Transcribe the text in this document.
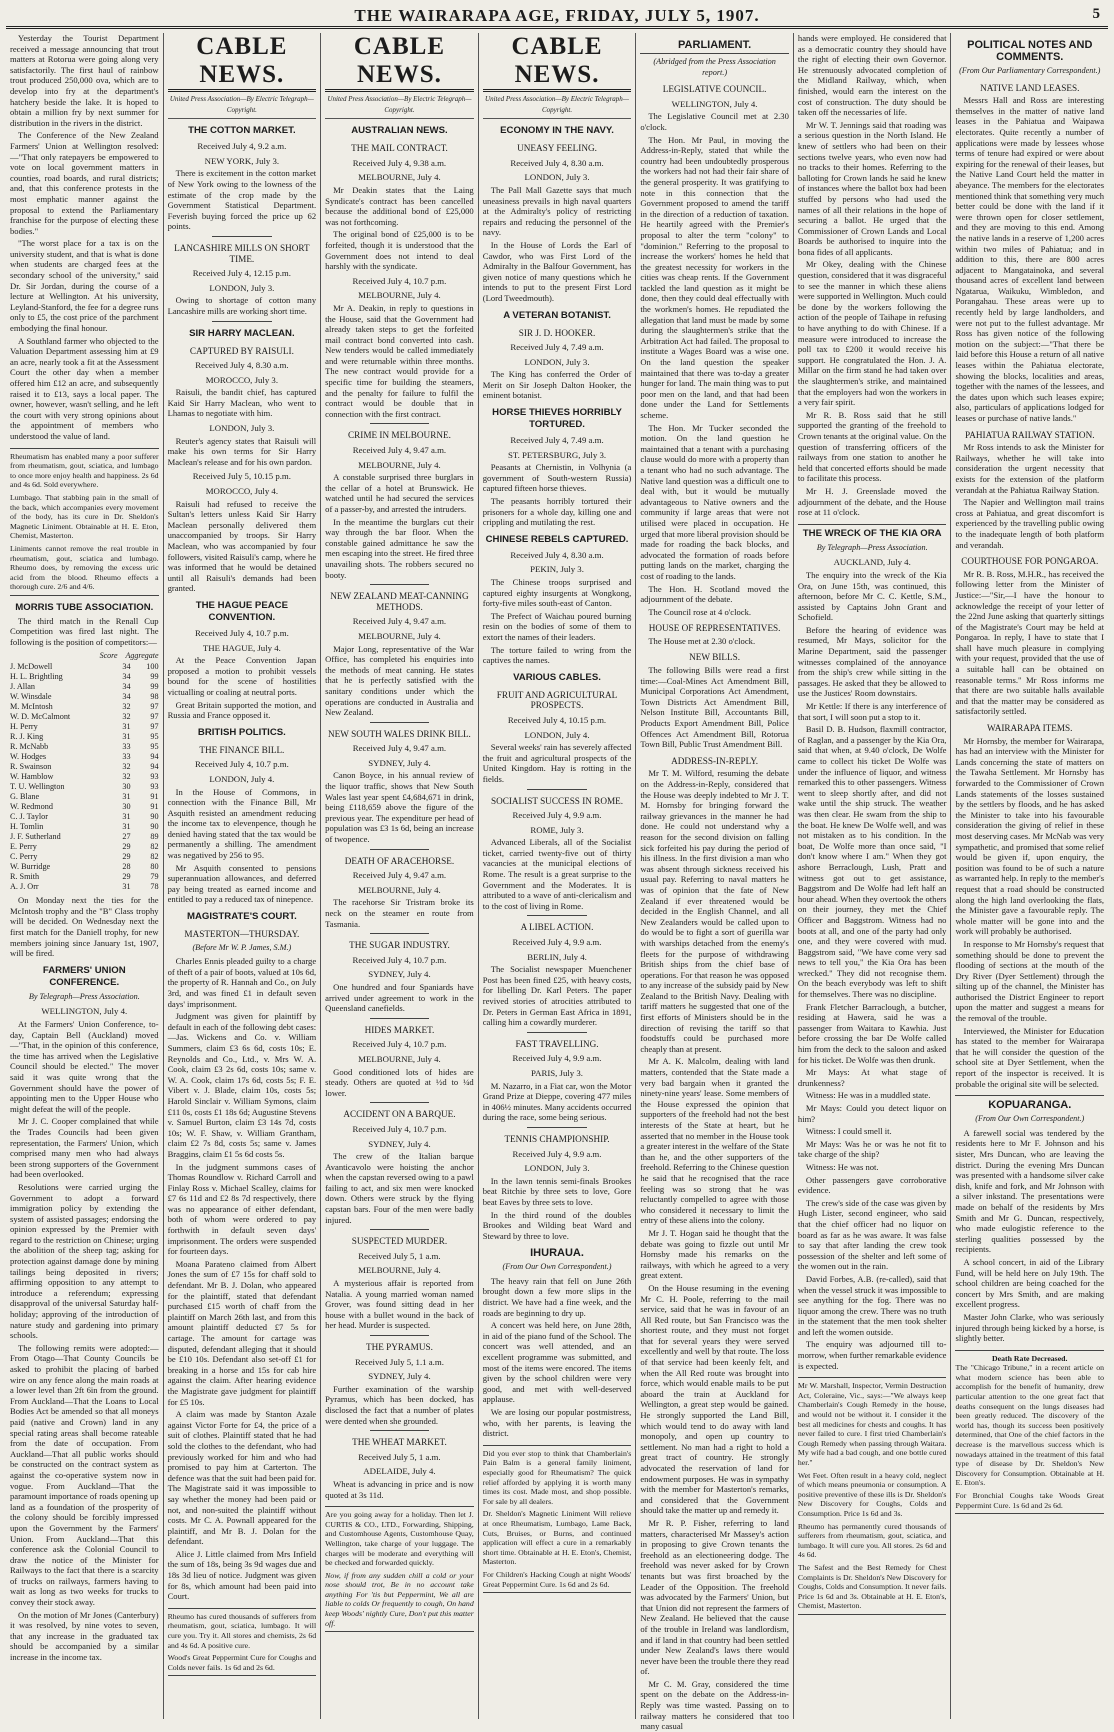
THE WAIRARAPA AGE, FRIDAY, JULY 5, 1907.	5

Yesterday the Tourist Department received a message announcing that trout matters at Rotorua were going along very satisfactorily. The first haul of rainbow trout produced 250,000 ova, which are to develop into fry at the department's hatchery beside the lake. It is hoped to obtain a million fry by next summer for distribution in the rivers in the district.

The Conference of the New Zealand Farmers' Union at Wellington resolved:—"That only ratepayers be empowered to vote on local government matters in counties, road boards, and rural districts; and, that this conference protests in the most emphatic manner against the proposal to extend the Parliamentary franchise for the purpose of electing these bodies."

"The worst place for a tax is on the university student, and that is what is done when students are charged fees at the secondary school of the university," said Dr. Sir Jordan, during the course of a lecture at Wellington. At his university, Leyland-Stanford, the fee for a degree runs only to £5, the cost price of the parchment embodying the final honour.

A Southland farmer who objected to the Valuation Department assessing him at £9 an acre, nearly took a fit at the Assessment Court the other day when a member offered him £12 an acre, and subsequently raised it to £13, says a local paper. The owner, however, wasn't selling, and he left the court with very strong opinions about the appointment of members who understood the value of land.

Rheumatism has enabled many a poor sufferer from rheumatism, gout, sciatica, and lumbago to once more enjoy health and happiness. 2s 6d and 4s 6d. Sold everywhere.
Lumbago. That stabbing pain in the small of the back, which accompanies every movement of the body, has its cure in Dr. Sheldon's Magnetic Liniment. Obtainable at H. E. Eton, Chemist, Masterton.
Liniments cannot remove the real trouble in rheumatism, gout, sciatica and lumbago. Rheumo does, by removing the excess uric acid from the blood. Rheumo effects a thorough cure. 2/6 and 4/6.
MORRIS TUBE ASSOCIATION.

The third match in the Renall Cup Competition was fired last night. The following is the position of competitors:—

Score Aggregate
J. McDowell	34	100
H. L. Brightling	34	99
J. Allan	34	99
W. Winsdale	34	98
M. McIntosh	32	97
W. D. McCalmont	32	97
H. Perry	31	97
R. J. King	31	95
R. McNabb	33	95
W. Hodges	33	94
R. Swainson	32	94
W. Hamblow	32	93
T. U. Wellington	30	93
G. Blane	31	91
W. Redmond	30	91
C. J. Taylor	31	90
H. Tomlin	31	90
J. F. Sutherland	27	89
E. Perry	29	82
C. Perry	29	82
W. Burridge	28	80
R. Smith	29	79
A. J. Orr	31	78

On Monday next the ties for the McIntosh trophy and the "B" Class trophy will be decided. On Wednesday next the first match for the Daniell trophy, for new members joining since January 1st, 1907, will be fired.

FARMERS' UNION CONFERENCE.

By Telegraph—Press Association.

WELLINGTON, July 4.

At the Farmers' Union Conference, to-day, Captain Bell (Auckland) moved—"That, in the opinion of this conference, the time has arrived when the Legislative Council should be elected." The mover said it was quite wrong that the Government should have the power of appointing men to the Upper House who might defeat the will of the people.

Mr J. C. Cooper complained that while the Trades Councils had been given representation, the Farmers' Union, which comprised many men who had always been strong supporters of the Government had been overlooked.

Resolutions were carried urging the Government to adopt a forward immigration policy by extending the system of assisted passages; endorsing the opinion expressed by the Premier with regard to the restriction on Chinese; urging the abolition of the sheep tag; asking for protection against damage done by mining tailings being deposited in rivers; affirming opposition to any attempt to introduce a referendum; expressing disapproval of the universal Saturday half-holiday; approving of the introduction of nature study and gardening into primary schools.

The following remits were adopted:—From Otago—That County Councils be asked to prohibit the placing of barbed wire on any fence along the main roads at a lower level than 2ft 6in from the ground. From Auckland—That the Loans to Local Bodies Act be amended so that all moneys paid (native and Crown) land in any special rating areas shall become rateable from the date of occupation. From Auckland—That all public works should be constructed on the contract system as against the co-operative system now in vogue. From Auckland—That the paramount importance of roads opening up land as a foundation of the prosperity of the colony should be forcibly impressed upon the Government by the Farmers' Union. From Auckland—That this conference ask the Colonial Council to draw the notice of the Minister for Railways to the fact that there is a scarcity of trucks on railways, farmers having to wait as long as two weeks for trucks to convey their stock away.

On the motion of Mr Jones (Canterbury) it was resolved, by nine votes to seven, that any increase in the graduated tax should be accompanied by a similar increase in the income tax.

CABLE NEWS.
United Press Association—By Electric Telegraph—Copyright.
THE COTTON MARKET.

Received July 4, 9.2 a.m.

NEW YORK, July 3.

There is excitement in the cotton market of New York owing to the lowness of the estimate of the crop made by the Government Statistical Department. Feverish buying forced the price up 62 points.

LANCASHIRE MILLS ON SHORT TIME.

Received July 4, 12.15 p.m.

LONDON, July 3.

Owing to shortage of cotton many Lancashire mills are working short time.

SIR HARRY MACLEAN.
CAPTURED BY RAISULI.

Received July 4, 8.30 a.m.

MOROCCO, July 3.

Raisuli, the bandit chief, has captured Kaid Sir Harry Maclean, who went to Lhamas to negotiate with him.

LONDON, July 3.

Reuter's agency states that Raisuli will make his own terms for Sir Harry Maclean's release and for his own pardon.

Received July 5, 10.15 p.m.

MOROCCO, July 4.

Raisuli had refused to receive the Sultan's letters unless Kaid Sir Harry Maclean personally delivered them unaccompanied by troops. Sir Harry Maclean, who was accompanied by four followers, visited Raisuli's camp, where he was informed that he would be detained until all Raisuli's demands had been granted.

THE HAGUE PEACE CONVENTION.

Received July 4, 10.7 p.m.

THE HAGUE, July 4.

At the Peace Convention Japan proposed a motion to prohibit vessels bound for the scene of hostilities victualling or coaling at neutral ports.

Great Britain supported the motion, and Russia and France opposed it.

BRITISH POLITICS.
THE FINANCE BILL.

Received July 4, 10.7 p.m.

LONDON, July 4.

In the House of Commons, in connection with the Finance Bill, Mr Asquith resisted an amendment reducing the income tax to elevenpence, though he denied having stated that the tax would be permanently a shilling. The amendment was negatived by 256 to 95.

Mr Asquith consented to pensions superannuation allowances, and deferred pay being treated as earned income and entitled to pay a reduced tax of ninepence.

MAGISTRATE'S COURT.
MASTERTON—THURSDAY.

(Before Mr W. P. James, S.M.)

Charles Ennis pleaded guilty to a charge of theft of a pair of boots, valued at 10s 6d, the property of R. Hannah and Co., on July 3rd, and was fined £1 in default seven days' imprisonment.

Judgment was given for plaintiff by default in each of the following debt cases:—Jas. Wickens and Co. v. William Summers, claim £3 6s 6d, costs 10s; E. Reynolds and Co., Ltd., v. Mrs W. A. Cook, claim £3 2s 6d, costs 10s; same v. W. A. Cook, claim 17s 6d, costs 5s; F. E. Vibert v. J. Blade, claim 10s, costs 5s; Harold Sinclair v. William Symons, claim £11 0s, costs £1 18s 6d; Augustine Stevens v. Samuel Burton, claim £3 14s 7d, costs 10s; W. F. Shaw, v. William Grantham, claim £2 7s 8d, costs 5s; same v. James Braggins, claim £1 5s 6d costs 5s.

In the judgment summons cases of Thomas Roundlow v. Richard Carroll and Finlay Ross v. Michael Scalley, claims for £7 6s 11d and £2 8s 7d respectively, there was no appearance of either defendant, both of whom were ordered to pay forthwith in default seven days' imprisonment. The orders were suspended for fourteen days.

Moana Parateno claimed from Albert Jones the sum of £7 15s for chaff sold to defendant. Mr B. J. Dolan, who appeared for the plaintiff, stated that defendant purchased £15 worth of chaff from the plaintiff on March 26th last, and from this amount plaintiff deducted £7 5s for cartage. The amount for cartage was disputed, defendant alleging that it should be £10 10s. Defendant also set-off £1 for breaking in a horse and 15s for cab hire against the claim. After hearing evidence the Magistrate gave judgment for plaintiff for £5 10s.

A claim was made by Stanton Azale against Victor Forte for £4, the price of a suit of clothes. Plaintiff stated that he had sold the clothes to the defendant, who had previously worked for him and who had promised to pay him at Carterton. The defence was that the suit had been paid for. The Magistrate said it was impossible to say whether the money had been paid or not, and non-suited the plaintiff without costs. Mr C. A. Pownall appeared for the plaintiff, and Mr B. J. Dolan for the defendant.

Alice J. Little claimed from Mrs Infield the sum of 18s, being 3s 9d wages due and 18s 3d lieu of notice. Judgment was given for 8s, which amount had been paid into Court.

Rheumo has cured thousands of sufferers from rheumatism, gout, sciatica, lumbago. It will cure you. Try it. All stores and chemists, 2s 6d and 4s 6d. A positive cure.
Wood's Great Peppermint Cure for Coughs and Colds never fails. 1s 6d and 2s 6d.
CABLE NEWS.
United Press Association—By Electric Telegraph—Copyright.
AUSTRALIAN NEWS.
THE MAIL CONTRACT.

Received July 4, 9.38 a.m.

MELBOURNE, July 4.

Mr Deakin states that the Laing Syndicate's contract has been cancelled because the additional bond of £25,000 was not forthcoming.

The original bond of £25,000 is to be forfeited, though it is understood that the Government does not intend to deal harshly with the syndicate.

Received July 4, 10.7 p.m.

MELBOURNE, July 4.

Mr A. Deakin, in reply to questions in the House, said that the Government had already taken steps to get the forfeited mail contract bond converted into cash. New tenders would be called immediately and were returnable within three months. The new contract would provide for a specific time for building the steamers, and the penalty for failure to fulfil the contract would be double that in connection with the first contract.

CRIME IN MELBOURNE.

Received July 4, 9.47 a.m.

MELBOURNE, July 4.

A constable surprised three burglars in the cellar of a hotel at Brunswick. He watched until he had secured the services of a passer-by, and arrested the intruders.

In the meantime the burglars cut their way through the bar floor. When the constable gained admittance he saw the men escaping into the street. He fired three unavailing shots. The robbers secured no booty.

NEW ZEALAND MEAT-CANNING METHODS.

Received July 4, 9.47 a.m.

MELBOURNE, July 4.

Major Long, representative of the War Office, has completed his enquiries into the methods of meat canning. He states that he is perfectly satisfied with the sanitary conditions under which the operations are conducted in Australia and New Zealand.

NEW SOUTH WALES DRINK BILL.

Received July 4, 9.47 a.m.

SYDNEY, July 4.

Canon Boyce, in his annual review of the liquor traffic, shows that New South Wales last year spent £4,684,671 in drink, being £118,659 above the figure of the previous year. The expenditure per head of population was £3 1s 6d, being an increase of twopence.

DEATH OF ARACEHORSE.

Received July 4, 9.47 a.m.

MELBOURNE, July 4.

The racehorse Sir Tristram broke its neck on the steamer en route from Tasmania.

THE SUGAR INDUSTRY.

Received July 4, 10.7 p.m.

SYDNEY, July 4.

One hundred and four Spaniards have arrived under agreement to work in the Queensland canefields.

HIDES MARKET.

Received July 4, 10.7 p.m.

MELBOURNE, July 4.

Good conditioned lots of hides are steady. Others are quoted at ½d to ¼d lower.

ACCIDENT ON A BARQUE.

Received July 4, 10.7 p.m.

SYDNEY, July 4.

The crew of the Italian barque Avanticavolo were hoisting the anchor when the capstan reversed owing to a pawl failing to act, and six men were knocked down. Others were struck by the flying capstan bars. Four of the men were badly injured.

SUSPECTED MURDER.

Received July 5, 1 a.m.

MELBOURNE, July 4.

A mysterious affair is reported from Natalia. A young married woman named Grover, was found sitting dead in her house with a bullet wound in the back of her head. Murder is suspected.

THE PYRAMUS.

Received July 5, 1.1 a.m.

SYDNEY, July 4.

Further examination of the warship Pyramus, which has been docked, has disclosed the fact that a number of plates were dented when she grounded.

THE WHEAT MARKET.

Received July 5, 1 a.m.

ADELAIDE, July 4.

Wheat is advancing in price and is now quoted at 3s 11d.

Are you going away for a holiday. Then let J. CURTIS & CO., LTD., Forwarding, Shipping, and Customhouse Agents, Customhouse Quay, Wellington, take charge of your luggage. The charges will be moderate and everything will be checked and forwarded quickly.
Now, if from any sudden chill a cold or your nose should trot, Be in no account take anything For 'tis but Peppermint, We all are liable to colds Or frequently to cough, On hand keep Woods' nightly Cure, Don't put this matter off.
CABLE NEWS.
United Press Association—By Electric Telegraph—Copyright.
ECONOMY IN THE NAVY.
UNEASY FEELING.

Received July 4, 8.30 a.m.

LONDON, July 3.

The Pall Mall Gazette says that much uneasiness prevails in high naval quarters at the Admiralty's policy of restricting repairs and reducing the personnel of the navy.

In the House of Lords the Earl of Cawdor, who was First Lord of the Admiralty in the Balfour Government, has given notice of many questions which he intends to put to the present First Lord (Lord Tweedmouth).

A VETERAN BOTANIST.
SIR J. D. HOOKER.

Received July 4, 7.49 a.m.

LONDON, July 3.

The King has conferred the Order of Merit on Sir Joseph Dalton Hooker, the eminent botanist.

HORSE THIEVES HORRIBLY TORTURED.

Received July 4, 7.49 a.m.

ST. PETERSBURG, July 3.

Peasants at Chernistin, in Volhynia (a government of South-western Russia) captured fifteen horse thieves.

The peasants horribly tortured their prisoners for a whole day, killing one and crippling and mutilating the rest.

CHINESE REBELS CAPTURED.

Received July 4, 8.30 a.m.

PEKIN, July 3.

The Chinese troops surprised and captured eighty insurgents at Wongkong, forty-five miles south-east of Canton.

The Prefect of Waichau poured burning resin on the bodies of some of them to extort the names of their leaders.

The torture failed to wring from the captives the names.

VARIOUS CABLES.
FRUIT AND AGRICULTURAL PROSPECTS.

Received July 4, 10.15 p.m.

LONDON, July 4.

Several weeks' rain has severely affected the fruit and agricultural prospects of the United Kingdom. Hay is rotting in the fields.

SOCIALIST SUCCESS IN ROME.

Received July 4, 9.9 a.m.

ROME, July 3.

Advanced Liberals, all of the Socialist ticket, carried twenty-five out of thirty vacancies at the municipal elections of Rome. The result is a great surprise to the Government and the Moderates. It is attributed to a wave of anti-clericalism and to the cost of living in Rome.

A LIBEL ACTION.

Received July 4, 9.9 a.m.

BERLIN, July 4.

The Socialist newspaper Muenchener Post has been fined £25, with heavy costs, for libelling Dr. Karl Peters. The paper revived stories of atrocities attributed to Dr. Peters in German East Africa in 1891, calling him a cowardly murderer.

FAST TRAVELLING.

Received July 4, 9.9 a.m.

PARIS, July 3.

M. Nazarro, in a Fiat car, won the Motor Grand Prize at Dieppe, covering 477 miles in 406½ minutes. Many accidents occurred during the race, some being serious.

TENNIS CHAMPIONSHIP.

Received July 4, 9.9 a.m.

LONDON, July 3.

In the lawn tennis semi-finals Brookes beat Ritchie by three sets to love, Gore beat Eaves by three sets to love.

In the third round of the doubles Brookes and Wilding beat Ward and Steward by three to love.

IHURAUA.

(From Our Own Correspondent.)

The heavy rain that fell on June 26th brought down a few more slips in the district. We have had a fine week, and the roads are beginning to dry up.

A concert was held here, on June 28th, in aid of the piano fund of the School. The concert was well attended, and an excellent programme was submitted, and most of the items were encored. The items given by the school children were very good, and met with well-deserved applause.

We are losing our popular postmistress, who, with her parents, is leaving the district.

Did you ever stop to think that Chamberlain's Pain Balm is a general family liniment, especially good for Rheumatism? The quick relief afforded by applying it is worth many times its cost. Made most, and shop possible. For sale by all dealers.
Dr. Sheldon's Magnetic Liniment Will relieve at once Rheumatism, Lumbago, Lame Back, Cuts, Bruises, or Burns, and continued application will effect a cure in a remarkably short time. Obtainable at H. E. Eton's, Chemist, Masterton.
For Children's Hacking Cough at night Woods' Great Peppermint Cure. 1s 6d and 2s 6d.
PARLIAMENT.

(Abridged from the Press Association report.)

LEGISLATIVE COUNCIL.

WELLINGTON, July 4.

The Legislative Council met at 2.30 o'clock.

The Hon. Mr Paul, in moving the Address-in-Reply, stated that while the country had been undoubtedly prosperous the workers had not had their fair share of the general prosperity. It was gratifying to note in this connection that the Government proposed to amend the tariff in the direction of a reduction of taxation. He heartily agreed with the Premier's proposal to alter the term "colony" to "dominion." Referring to the proposal to increase the workers' homes he held that the greatest necessity for workers in the cities was cheap rents. If the Government tackled the land question as it might be done, then they could deal effectually with the workmen's homes. He repudiated the allegation that land must be made by some during the slaughtermen's strike that the Arbitration Act had failed. The proposal to institute a Wages Board was a wise one. On the land question the speaker maintained that there was to-day a greater hunger for land. The main thing was to put poor men on the land, and that had been done under the Land for Settlements scheme.

The Hon. Mr Tucker seconded the motion. On the land question he maintained that a tenant with a purchasing clause would do more with a property than a tenant who had no such advantage. The Native land question was a difficult one to deal with, but it would be mutually advantageous to Native owners and the community if large areas that were not utilised were placed in occupation. He urged that more liberal provision should be made for roading the back blocks, and advocated the formation of roads before putting lands on the market, charging the cost of roading to the lands.

The Hon. H. Scotland moved the adjournment of the debate.

The Council rose at 4 o'clock.

HOUSE OF REPRESENTATIVES.

The House met at 2.30 o'clock.

NEW BILLS.

The following Bills were read a first time:—Coal-Mines Act Amendment Bill, Municipal Corporations Act Amendment, Town Districts Act Amendment Bill, Nelson Institute Bill, Accountants Bill, Products Export Amendment Bill, Police Offences Act Amendment Bill, Rotorua Town Bill, Public Trust Amendment Bill.

ADDRESS-IN-REPLY.

Mr T. M. Wilford, resuming the debate on the Address-in-Reply, considered that the House was deeply indebted to Mr J. T. M. Hornsby for bringing forward the railway grievances in the manner he had done. He could not understand why a reason for the second division on falling sick forfeited his pay during the period of his illness. In the first division a man who was absent through sickness received his usual pay. Referring to naval matters he was of opinion that the fate of New Zealand if ever threatened would be decided in the English Channel, and all New Zealanders would be called upon to do would be to fight a sort of guerilla war with warships detached from the enemy's fleets for the purpose of withdrawing British ships from the chief base of operations. For that reason he was opposed to any increase of the subsidy paid by New Zealand to the British Navy. Dealing with tariff matters he suggested that one of the first efforts of Ministers should be in the direction of revising the tariff so that foodstuffs could be purchased more cheaply than at present.

Mr A. K. Malcolm, dealing with land matters, contended that the State made a very bad bargain when it granted the ninety-nine years' lease. Some members of the House expressed the opinion that supporters of the freehold had not the best interests of the State at heart, but he asserted that no member in the House took a greater interest in the welfare of the State than he, and the other supporters of the freehold. Referring to the Chinese question he said that he recognised that the race feeling was so strong that he was reluctantly compelled to agree with those who considered it necessary to limit the entry of these aliens into the colony.

Mr J. T. Hogan said he thought that the debate was going to fizzle out until Mr Hornsby made his remarks on the railways, with which he agreed to a very great extent.

On the House resuming in the evening Mr C. H. Poole, referring to the mail service, said that he was in favour of an All Red route, but San Francisco was the shortest route, and they must not forget that for several years they were served excellently and well by that route. The loss of that service had been keenly felt, and when the All Red route was brought into force, which would enable mails to be put aboard the train at Auckland for Wellington, a great step would be gained. He strongly supported the Land Bill, which would tend to do away with land monopoly, and open up country to settlement. No man had a right to hold a great tract of country. He strongly advocated the reservation of land for endowment purposes. He was in sympathy with the member for Masterton's remarks, and considered that the Government should take the matter up and remedy it.

Mr R. P. Fisher, referring to land matters, characterised Mr Massey's action in proposing to give Crown tenants the freehold as an electioneering dodge. The freehold was never asked for by Crown tenants but was first broached by the Leader of the Opposition. The freehold was advocated by the Farmers' Union, but that Union did not represent the farmers of New Zealand. He believed that the cause of the trouble in Ireland was landlordism, and if land in that country had been settled under New Zealand's laws there would never have been the trouble there they read of.

Mr C. M. Gray, considered the time spent on the debate on the Address-in-Reply was time wasted. Passing on to railway matters he considered that too many casual

hands were employed. He considered that as a democratic country they should have the right of electing their own Governor. He strenuously advocated completion of the Midland Railway, which, when finished, would earn the interest on the cost of construction. The duty should be taken off the necessaries of life.

Mr W. T. Jennings said that roading was a serious question in the North Island. He knew of settlers who had been on their sections twelve years, who even now had no tracks to their homes. Referring to the balloting for Crown lands he said he knew of instances where the ballot box had been stuffed by persons who had used the names of all their relations in the hope of securing a ballot. He urged that the Commissioner of Crown Lands and Local Boards be authorised to inquire into the bona fides of all applicants.

Mr Okey, dealing with the Chinese question, considered that it was disgraceful to see the manner in which these aliens were supported in Wellington. Much could be done by the workers following the action of the people of Taihape in refusing to have anything to do with Chinese. If a measure were introduced to increase the poll tax to £200 it would receive his support. He congratulated the Hon. J. A. Millar on the firm stand he had taken over the slaughtermen's strike, and maintained that the employers had won the workers in a very fair spirit.

Mr R. B. Ross said that he still supported the granting of the freehold to Crown tenants at the original value. On the question of transferring officers of the railways from one station to another he held that concerted efforts should be made to facilitate this process.

Mr H. J. Greenslade moved the adjournment of the debate, and the House rose at 11 o'clock.

THE WRECK OF THE KIA ORA

By Telegraph—Press Association.

AUCKLAND, July 4.

The enquiry into the wreck of the Kia Ora, on June 15th, was continued, this afternoon, before Mr C. C. Kettle, S.M., assisted by Captains John Grant and Schofield.

Before the hearing of evidence was resumed, Mr Mays, solicitor for the Marine Department, said the passenger witnesses complained of the annoyance from the ship's crew while sitting in the passages. He asked that they be allowed to use the Justices' Room downstairs.

Mr Kettle: If there is any interference of that sort, I will soon put a stop to it.

Basil D. B. Hudson, flaxmill contractor, of Raglan, and a passenger by the Kia Ora, said that when, at 9.40 o'clock, De Wolfe came to collect his ticket De Wolfe was under the influence of liquor, and witness remarked this to other passengers. Witness went to sleep shortly after, and did not wake until the ship struck. The weather was then clear. He swam from the ship to the boat. He knew De Wolfe well, and was not mistaken as to his condition. In the boat, De Wolfe more than once said, "I don't know where I am." When they got ashore Berraclough, Lush, Pratt and witness got out to get assistance, Baggstrom and De Wolfe had left half an hour ahead. When they overtook the others on their journey, they met the Chief Officer and Baggstrom. Witness had no boots at all, and one of the party had only one, and they were covered with mud. Baggstrom said, "We have come very sad news to tell you," the Kia Ora has been wrecked." They did not recognise them. On the beach everybody was left to shift for themselves. There was no discipline.

Frank Fletcher Barraclough, a butcher, residing at Hawera, said he was a passenger from Waitara to Kawhia. Just before crossing the bar De Wolfe called him from the deck to the saloon and asked for his ticket. De Wolfe was then drunk.

Mr Mays: At what stage of drunkenness?

Witness: He was in a muddled state.

Mr Mays: Could you detect liquor on him?

Witness: I could smell it.

Mr Mays: Was he or was he not fit to take charge of the ship?

Witness: He was not.

Other passengers gave corroborative evidence.

The crew's side of the case was given by Hugh Lister, second engineer, who said that the chief officer had no liquor on board as far as he was aware. It was false to say that after landing the crew took possession of the shelter and left some of the women out in the rain.

David Forbes, A.B. (re-called), said that when the vessel struck it was impossible to see anything for the fog. There was no liquor among the crew. There was no truth in the statement that the men took shelter and left the women outside.

The enquiry was adjourned till to-morrow, when further remarkable evidence is expected.

Mr W. Marshall, Inspector, Vermin Destruction Act, Coleraine, Vic., says:—"We always keep Chamberlain's Cough Remedy in the house, and would not be without it. I consider it the best all medicines for chests and coughs. It has never failed to cure. I first tried Chamberlain's Cough Remedy when passing through Waitara. My wife had a bad cough, and one bottle cured her."
Wet Feet. Often result in a heavy cold, neglect of which means pneumonia or consumption. A positive preventive of these ills is Dr. Sheldon's New Discovery for Coughs, Colds and Consumption. Price 1s 6d and 3s.
Rheumo has permanently cured thousands of sufferers from rheumatism, gout, sciatica, and lumbago. It will cure you. All stores. 2s 6d and 4s 6d.
The Safest and the Best Remedy for Chest Complaints is Dr. Sheldon's New Discovery for Coughs, Colds and Consumption. It never fails. Price 1s 6d and 3s. Obtainable at H. E. Eton's, Chemist, Masterton.
POLITICAL NOTES AND COMMENTS.

(From Our Parliamentary Correspondent.)

NATIVE LAND LEASES.

Messrs Hall and Ross are interesting themselves in the matter of native land leases in the Pahiatua and Waipawa electorates. Quite recently a number of applications were made by lessees whose terms of tenure had expired or were about expiring for the renewal of their leases, but the Native Land Court held the matter in abeyance. The members for the electorates mentioned think that something very much better could be done with the land if it were thrown open for closer settlement, and they are moving to this end. Among the native lands in a reserve of 1,200 acres within two miles of Pahiatua; and in addition to this, there are 800 acres adjacent to Mangatainoka, and several thousand acres of excellent land between Ngatarua, Waikuku, Wimbledon, and Porangahau. These areas were up to recently held by large landholders, and were not put to the fullest advantage. Mr Ross has given notice of the following motion on the subject:—"That there be laid before this House a return of all native leases within the Pahiatua electorate, showing the blocks, localities and areas, together with the names of the lessees, and the dates upon which such leases expire; also, particulars of applications lodged for leases or purchase of native lands."

PAHIATUA RAILWAY STATION.

Mr Ross intends to ask the Minister for Railways, whether he will take into consideration the urgent necessity that exists for the extension of the platform verandah at the Pahiatua Railway Station.

The Napier and Wellington mail trains cross at Pahiatua, and great discomfort is experienced by the travelling public owing to the inadequate length of both platform and verandah.

COURTHOUSE FOR PONGAROA.

Mr R. B. Ross, M.H.R., has received the following letter from the Minister of Justice:—"Sir,—I have the honour to acknowledge the receipt of your letter of the 22nd June asking that quarterly sittings of the Magistrate's Court may be held at Pongaroa. In reply, I have to state that I shall have much pleasure in complying with your request, provided that the use of a suitable hall can be obtained on reasonable terms." Mr Ross informs me that there are two suitable halls available and that the matter may be considered as satisfactorily settled.

WAIRARAPA ITEMS.

Mr Hornsby, the member for Wairarapa, has had an interview with the Minister for Lands concerning the state of matters on the Tawaha Settlement. Mr Hornsby has forwarded to the Commissioner of Crown Lands statements of the losses sustained by the settlers by floods, and he has asked the Minister to take into his favourable consideration the giving of relief in these most deserving cases. Mr McNab was very sympathetic, and promised that some relief would be given if, upon enquiry, the position was found to be of such a nature as warranted help. In reply to the member's request that a road should be constructed along the high land overlooking the flats, the Minister gave a favourable reply. The whole matter will be gone into and the work will probably be authorised.

In response to Mr Hornsby's request that something should be done to prevent the flooding of sections at the mouth of the Dry River (Dyer Settlement) through the silting up of the channel, the Minister has authorised the District Engineer to report upon the matter and suggest a means for the removal of the trouble.

Interviewed, the Minister for Education has stated to the member for Wairarapa that he will consider the question of the school site at Dyer Settlement, when the report of the inspector is received. It is probable the original site will be selected.

KOPUARANGA.

(From Our Own Correspondent.)

A farewell social was tendered by the residents here to Mr F. Johnson and his sister, Mrs Duncan, who are leaving the district. During the evening Mrs Duncan was presented with a handsome silver cake dish, knife and fork, and Mr Johnson with a silver inkstand. The presentations were made on behalf of the residents by Mrs Smith and Mr G. Duncan, respectively, who made eulogistic reference to the sterling qualities possessed by the recipients.

A school concert, in aid of the Library Fund, will be held here on July 19th. The school children are being coached for the concert by Mrs Smith, and are making excellent progress.

Master John Clarke, who was seriously injured through being kicked by a horse, is slightly better.

Death Rate Decreased.
The "Chicago Tribune," in a recent article on what modern science has been able to accomplish for the benefit of humanity, drew particular attention to the one great fact that deaths consequent on the lungs diseases had been greatly reduced. The discovery of the world has, though its success been positively determined, that One of the chief factors in the decrease is the marvellous success which is nowadays attained in the treatment of this fatal type of disease by Dr. Sheldon's New Discovery for Consumption. Obtainable at H. E. Eton's.
For Bronchial Coughs take Woods Great Peppermint Cure. 1s 6d and 2s 6d.
